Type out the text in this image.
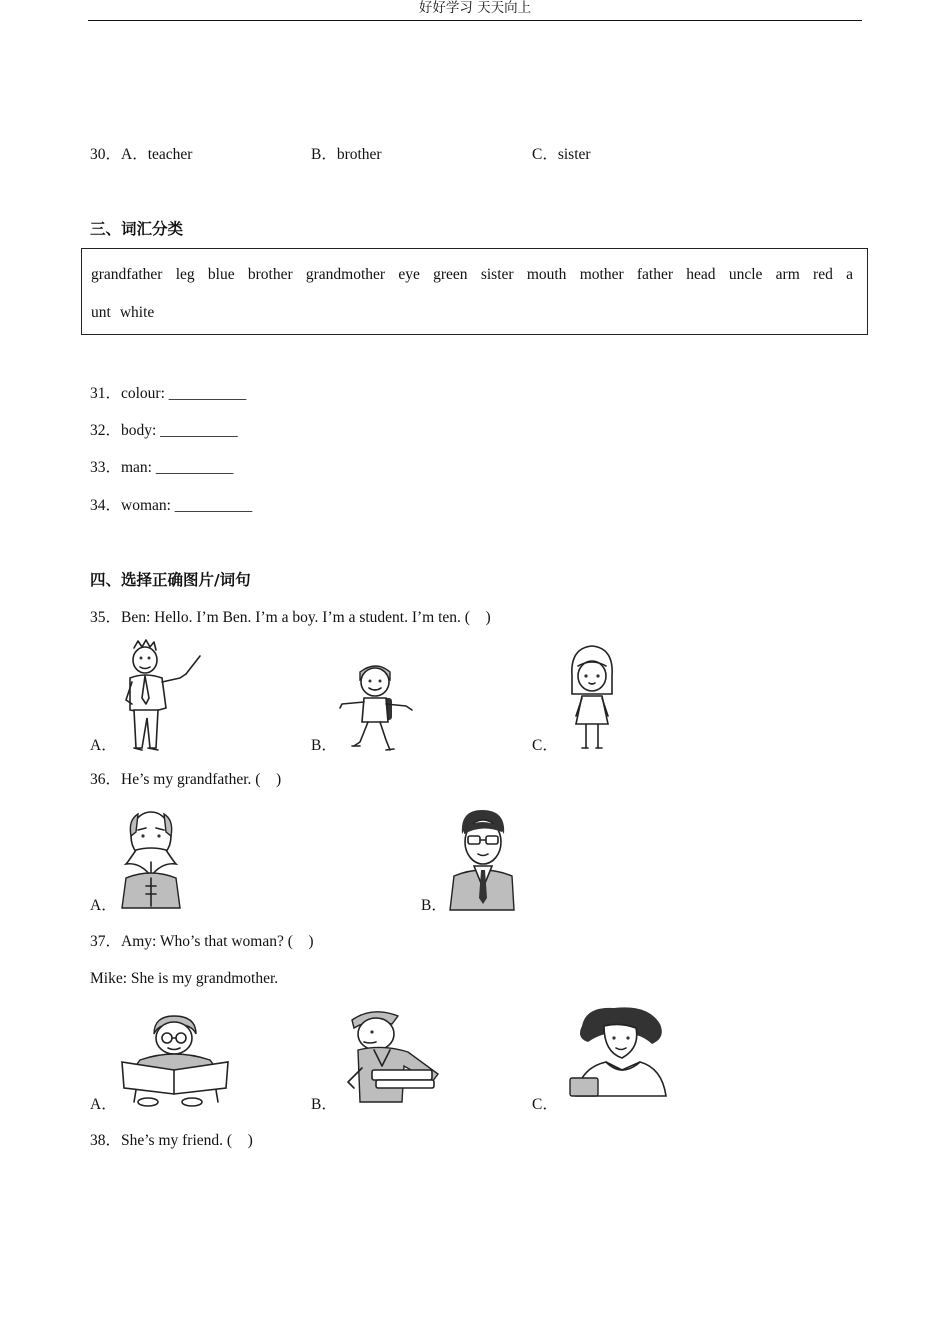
好好学习 天天向上
30．A．teacher	B．brother	C．sister
三、词汇分类
grandfather leg blue brother grandmother eye green sister mouth mother father head uncle arm red a
unt white
31．colour: __________
32．body: __________
33．man: __________
34．woman: __________
四、选择正确图片/词句
35．Ben: Hello. I’m Ben. I’m a boy. I’m a student. I’m ten. (    )
A．	B．	C．
36．He’s my grandfather. (    )
A．	B．
37．Amy: Who’s that woman? (    )
Mike: She is my grandmother.
A．	B．	C．
38．She’s my friend. (    )
